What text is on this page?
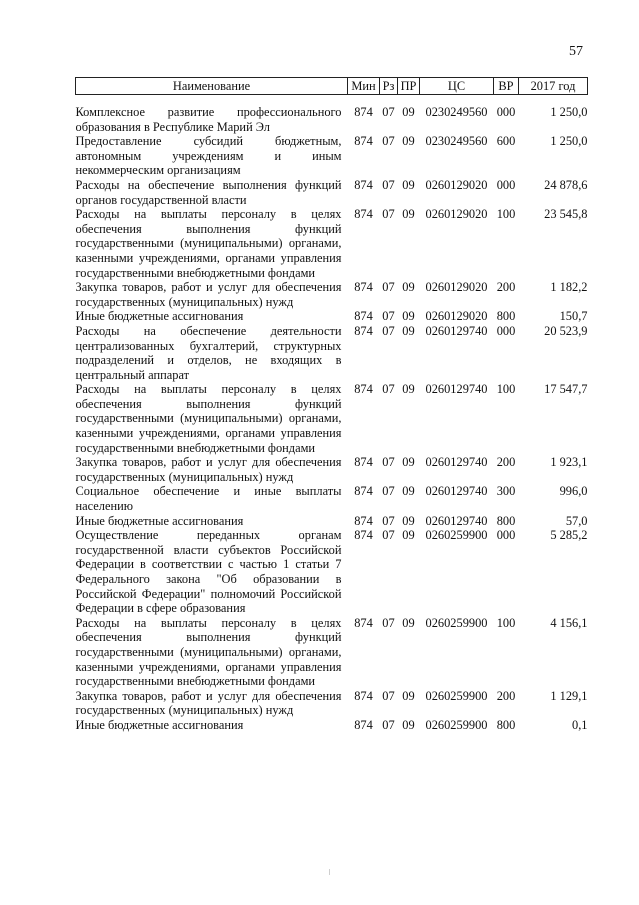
57
Наименование	Мин	Рз	ПР	ЦС	ВР	2017 год
Комплексное развитие профессионального образования в Республике Марий Эл	874	07	09	0230249560	000	1 250,0
Предоставление субсидий бюджетным, автономным учреждениям и иным некоммерческим организациям	874	07	09	0230249560	600	1 250,0
Расходы на обеспечение выполнения функций органов государственной власти	874	07	09	0260129020	000	24 878,6
Расходы на выплаты персоналу в целях обеспечения выполнения функций государственными (муниципальными) органами, казенными учреждениями, органами управления государственными внебюджетными фондами	874	07	09	0260129020	100	23 545,8
Закупка товаров, работ и услуг для обеспечения государственных (муниципальных) нужд	874	07	09	0260129020	200	1 182,2
Иные бюджетные ассигнования	874	07	09	0260129020	800	150,7
Расходы на обеспечение деятельности централизованных бухгалтерий, структурных подразделений и отделов, не входящих в центральный аппарат	874	07	09	0260129740	000	20 523,9
Расходы на выплаты персоналу в целях обеспечения выполнения функций государственными (муниципальными) органами, казенными учреждениями, органами управления государственными внебюджетными фондами	874	07	09	0260129740	100	17 547,7
Закупка товаров, работ и услуг для обеспечения государственных (муниципальных) нужд	874	07	09	0260129740	200	1 923,1
Социальное обеспечение и иные выплаты населению	874	07	09	0260129740	300	996,0
Иные бюджетные ассигнования	874	07	09	0260129740	800	57,0
Осуществление переданных органам государственной власти субъектов Российской Федерации в соответствии с частью 1 статьи 7 Федерального закона "Об образовании в Российской Федерации" полномочий Российской Федерации в сфере образования	874	07	09	0260259900	000	5 285,2
Расходы на выплаты персоналу в целях обеспечения выполнения функций государственными (муниципальными) органами, казенными учреждениями, органами управления государственными внебюджетными фондами	874	07	09	0260259900	100	4 156,1
Закупка товаров, работ и услуг для обеспечения государственных (муниципальных) нужд	874	07	09	0260259900	200	1 129,1
Иные бюджетные ассигнования	874	07	09	0260259900	800	0,1
